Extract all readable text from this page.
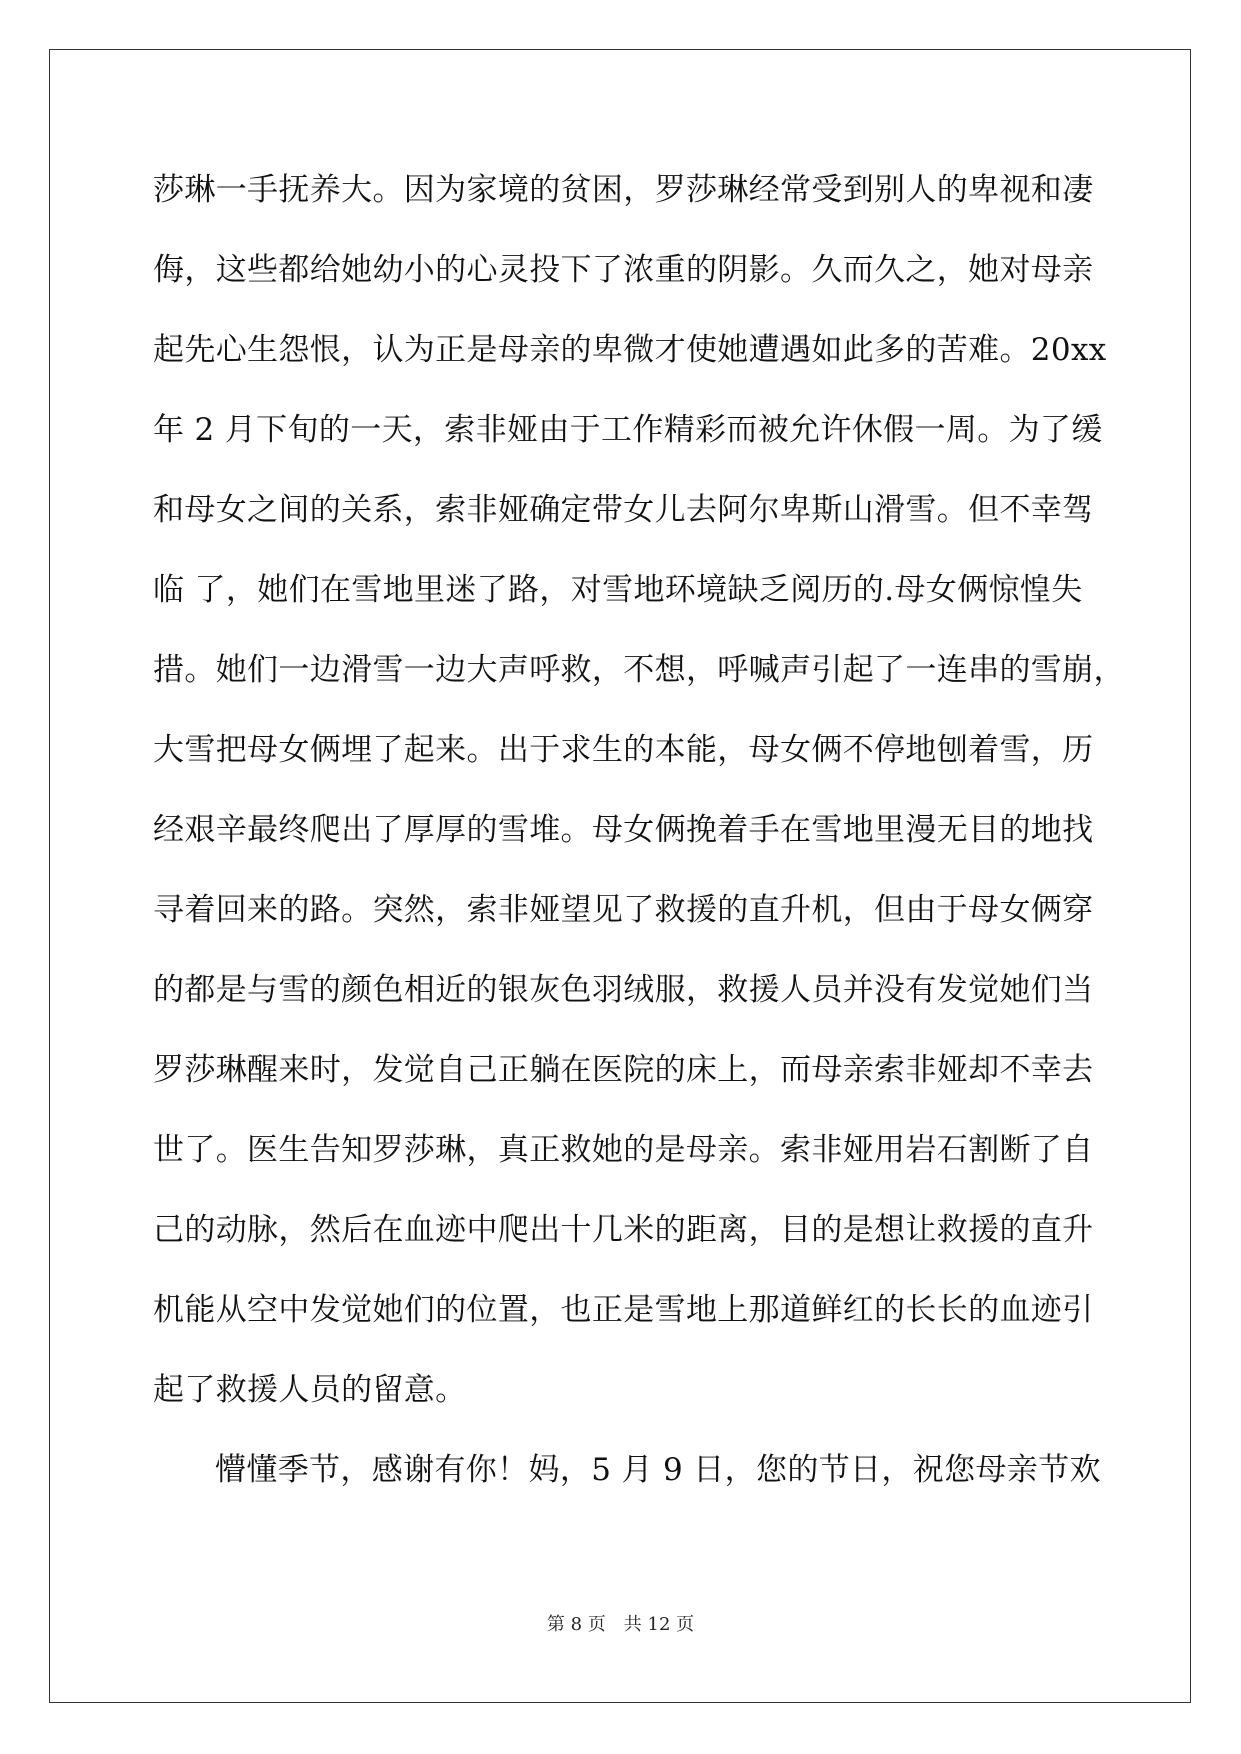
莎琳一手抚养大。因为家境的贫困，罗莎琳经常受到别人的卑视和凄
侮，这些都给她幼小的心灵投下了浓重的阴影。久而久之，她对母亲
起先心生怨恨，认为正是母亲的卑微才使她遭遇如此多的苦难。20xx
年 2 月下旬的一天，索非娅由于工作精彩而被允许休假一周。为了缓
和母女之间的关系，索非娅确定带女儿去阿尔卑斯山滑雪。但不幸驾
临 了，她们在雪地里迷了路，对雪地环境缺乏阅历的.母女俩惊惶失
措。她们一边滑雪一边大声呼救，不想，呼喊声引起了一连串的雪崩，
大雪把母女俩埋了起来。出于求生的本能，母女俩不停地刨着雪，历
经艰辛最终爬出了厚厚的雪堆。母女俩挽着手在雪地里漫无目的地找
寻着回来的路。突然，索非娅望见了救援的直升机，但由于母女俩穿
的都是与雪的颜色相近的银灰色羽绒服，救援人员并没有发觉她们当
罗莎琳醒来时，发觉自己正躺在医院的床上，而母亲索非娅却不幸去
世了。医生告知罗莎琳，真正救她的是母亲。索非娅用岩石割断了自
己的动脉，然后在血迹中爬出十几米的距离，目的是想让救援的直升
机能从空中发觉她们的位置，也正是雪地上那道鲜红的长长的血迹引
起了救援人员的留意。
懵懂季节，感谢有你！妈，5 月 9 日，您的节日，祝您母亲节欢
第 8 页 共 12 页
